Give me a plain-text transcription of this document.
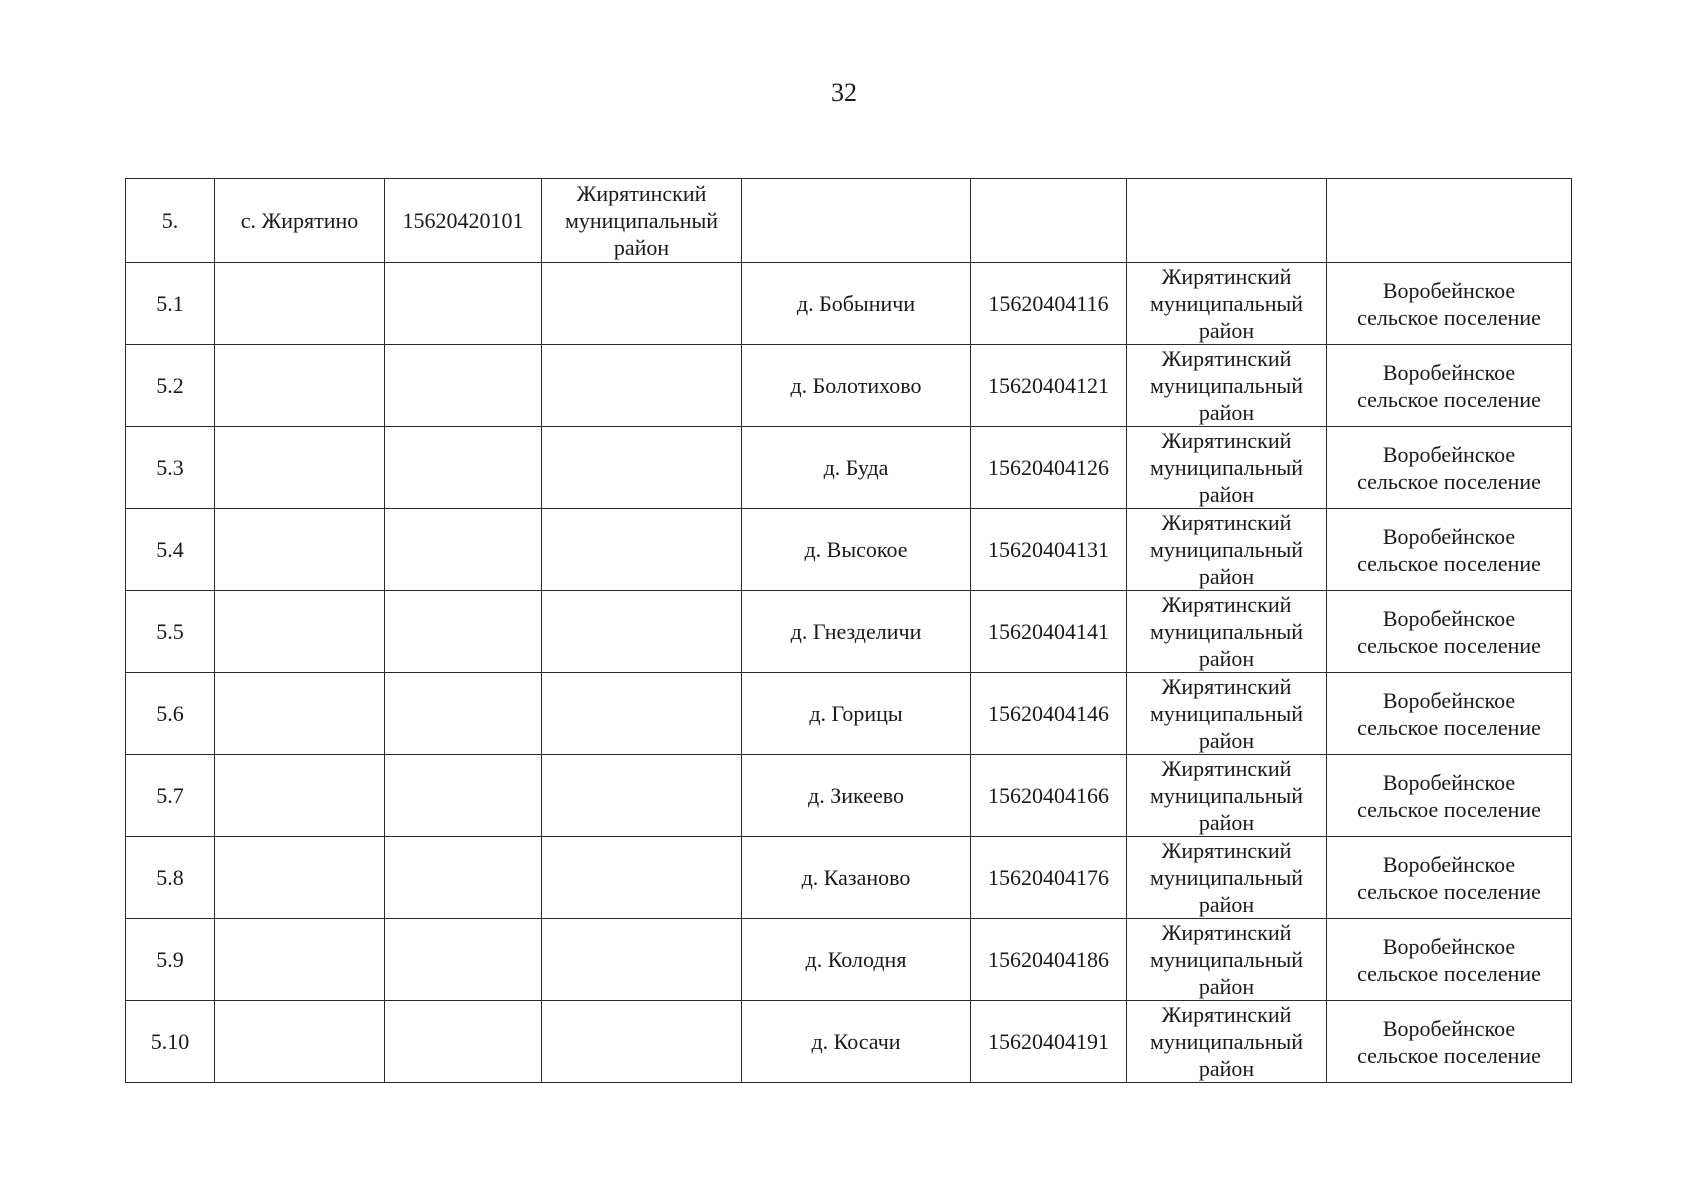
32
5.	с. Жирятино	15620420101	Жирятинский
муниципальный
район				
5.1				д. Бобыничи	15620404116	Жирятинский
муниципальный
район	Воробейнское
сельское поселение
5.2				д. Болотихово	15620404121	Жирятинский
муниципальный
район	Воробейнское
сельское поселение
5.3				д. Буда	15620404126	Жирятинский
муниципальный
район	Воробейнское
сельское поселение
5.4				д. Высокое	15620404131	Жирятинский
муниципальный
район	Воробейнское
сельское поселение
5.5				д. Гнезделичи	15620404141	Жирятинский
муниципальный
район	Воробейнское
сельское поселение
5.6				д. Горицы	15620404146	Жирятинский
муниципальный
район	Воробейнское
сельское поселение
5.7				д. Зикеево	15620404166	Жирятинский
муниципальный
район	Воробейнское
сельское поселение
5.8				д. Казаново	15620404176	Жирятинский
муниципальный
район	Воробейнское
сельское поселение
5.9				д. Колодня	15620404186	Жирятинский
муниципальный
район	Воробейнское
сельское поселение
5.10				д. Косачи	15620404191	Жирятинский
муниципальный
район	Воробейнское
сельское поселение
